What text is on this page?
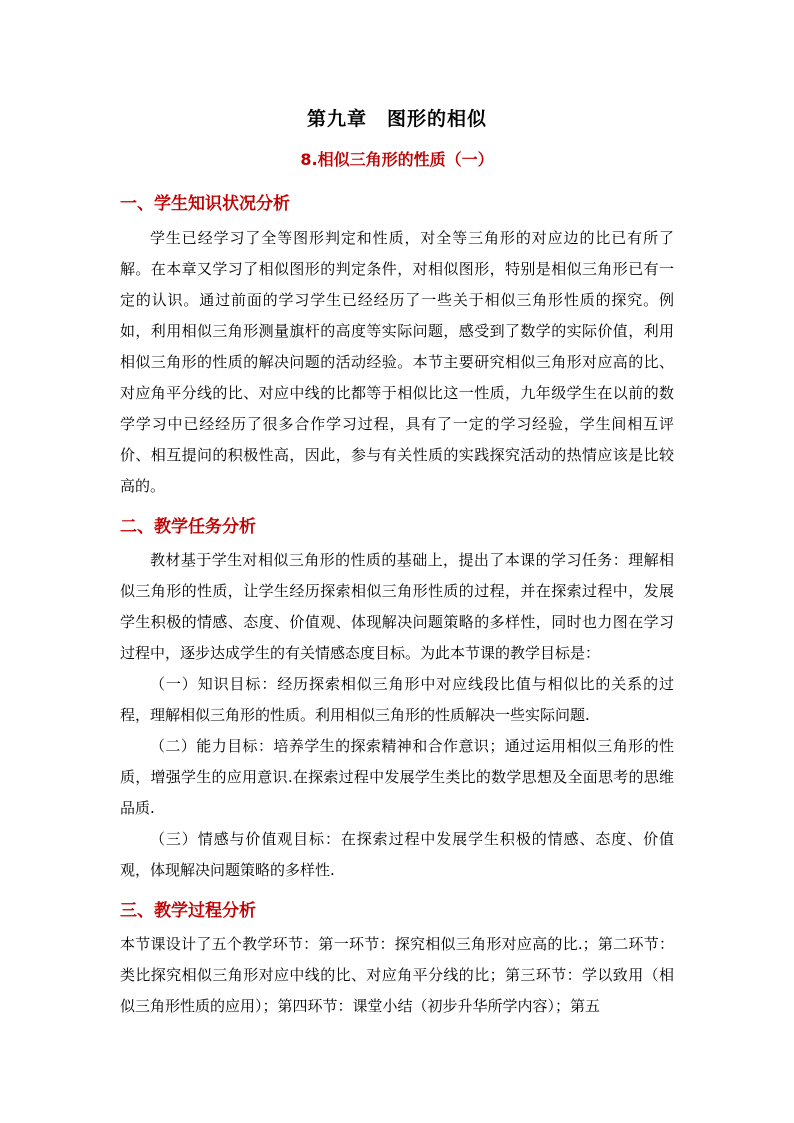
第九章　图形的相似
8.相似三角形的性质（一）
一、学生知识状况分析

学生已经学习了全等图形判定和性质，对全等三角形的对应边的比已有所了解。在本章又学习了相似图形的判定条件，对相似图形，特别是相似三角形已有一定的认识。通过前面的学习学生已经经历了一些关于相似三角形性质的探究。例如，利用相似三角形测量旗杆的高度等实际问题，感受到了数学的实际价值，利用相似三角形的性质的解决问题的活动经验。本节主要研究相似三角形对应高的比、对应角平分线的比、对应中线的比都等于相似比这一性质，九年级学生在以前的数学学习中已经经历了很多合作学习过程，具有了一定的学习经验，学生间相互评价、相互提问的积极性高，因此，参与有关性质的实践探究活动的热情应该是比较高的。

二、教学任务分析

教材基于学生对相似三角形的性质的基础上，提出了本课的学习任务：理解相似三角形的性质，让学生经历探索相似三角形性质的过程，并在探索过程中，发展学生积极的情感、态度、价值观、体现解决问题策略的多样性，同时也力图在学习过程中，逐步达成学生的有关情感态度目标。为此本节课的教学目标是：

（一）知识目标：经历探索相似三角形中对应线段比值与相似比的关系的过程，理解相似三角形的性质。利用相似三角形的性质解决一些实际问题.

（二）能力目标：培养学生的探索精神和合作意识；通过运用相似三角形的性质，增强学生的应用意识.在探索过程中发展学生类比的数学思想及全面思考的思维品质.

（三）情感与价值观目标：在探索过程中发展学生积极的情感、态度、价值观，体现解决问题策略的多样性.

三、教学过程分析

本节课设计了五个教学环节：第一环节：探究相似三角形对应高的比.；第二环节：类比探究相似三角形对应中线的比、对应角平分线的比；第三环节：学以致用（相似三角形性质的应用）；第四环节：课堂小结（初步升华所学内容）；第五
